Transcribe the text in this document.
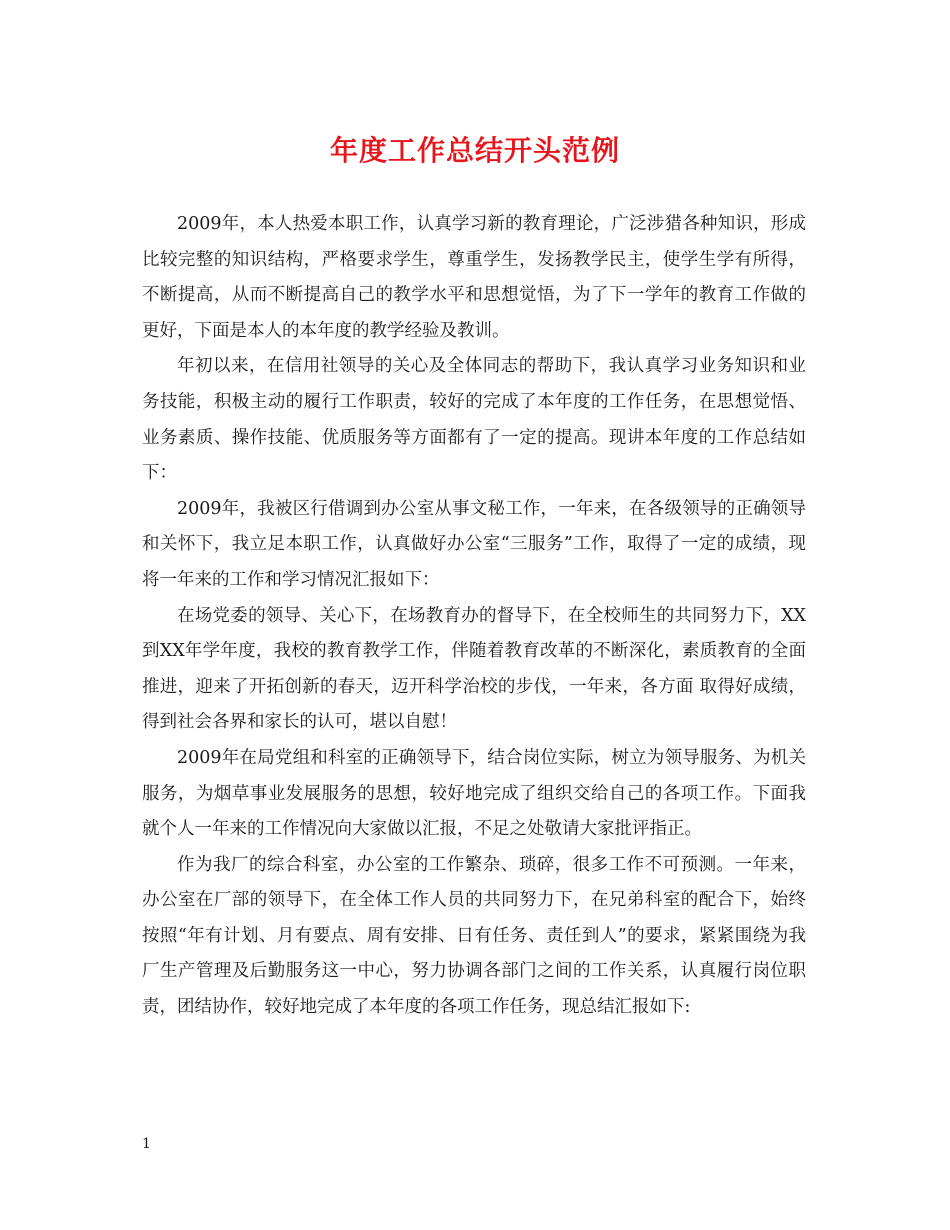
年度工作总结开头范例

2009年，本人热爱本职工作，认真学习新的教育理论，广泛涉猎各种知识，形成比较完整的知识结构，严格要求学生，尊重学生，发扬教学民主，使学生学有所得，不断提高，从而不断提高自己的教学水平和思想觉悟，为了下一学年的教育工作做的更好，下面是本人的本年度的教学经验及教训。

年初以来，在信用社领导的关心及全体同志的帮助下，我认真学习业务知识和业务技能，积极主动的履行工作职责，较好的完成了本年度的工作任务，在思想觉悟、业务素质、操作技能、优质服务等方面都有了一定的提高。现讲本年度的工作总结如下：

2009年，我被区行借调到办公室从事文秘工作，一年来，在各级领导的正确领导和关怀下，我立足本职工作，认真做好办公室“三服务”工作，取得了一定的成绩，现将一年来的工作和学习情况汇报如下：

在场党委的领导、关心下，在场教育办的督导下，在全校师生的共同努力下，XX到XX年学年度，我校的教育教学工作，伴随着教育改革的不断深化，素质教育的全面推进，迎来了开拓创新的春天，迈开科学治校的步伐，一年来，各方面 取得好成绩，得到社会各界和家长的认可，堪以自慰！

2009年在局党组和科室的正确领导下，结合岗位实际，树立为领导服务、为机关服务，为烟草事业发展服务的思想，较好地完成了组织交给自己的各项工作。下面我就个人一年来的工作情况向大家做以汇报，不足之处敬请大家批评指正。

作为我厂的综合科室，办公室的工作繁杂、琐碎，很多工作不可预测。一年来，办公室在厂部的领导下，在全体工作人员的共同努力下，在兄弟科室的配合下，始终按照“年有计划、月有要点、周有安排、日有任务、责任到人”的要求，紧紧围绕为我厂生产管理及后勤服务这一中心，努力协调各部门之间的工作关系，认真履行岗位职责，团结协作，较好地完成了本年度的各项工作任务，现总结汇报如下:

1
